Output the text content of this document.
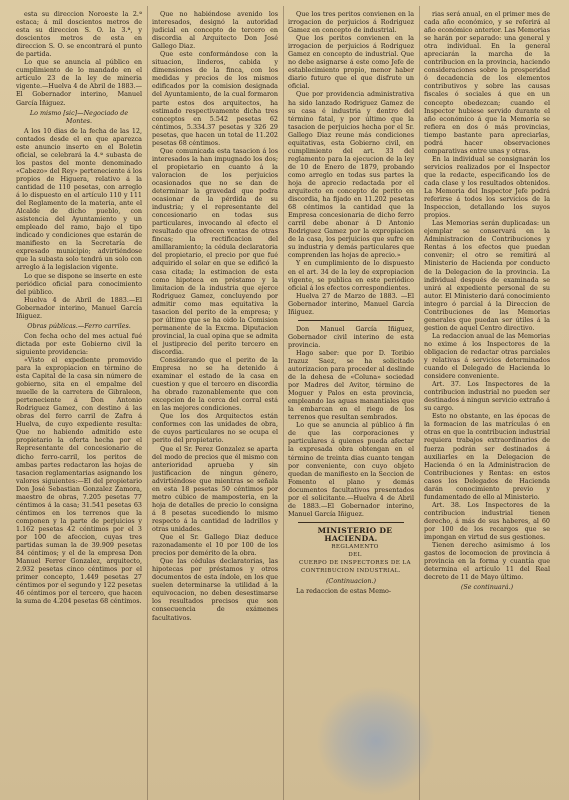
esta su direccion Noroeste la 2.ª estaca; á mil doscientos metros de esta su direccion S. O. la 3.ª, y doscientos metros de esta en direccion S. O. se encontrará el punto de partida.

Lo que se anuncia al público en cumplimiento de lo mandado en el artículo 23 de la ley de mineria vigente.—Huelva 4 de Abril de 1883.—El Gobernador interino, Manuel García Iñiguez.

Lo mismo [sic]—Negociado de Montes.

A los 10 dias de la fecha de las 12, contados desde el en que aparezca este anuncio inserto en el Boletin oficial, se celebrará la 4.ª subasta de los pastos del monte denominado «Cabezo» del Rey» perteneciente á los propios de Higuera, relativo á la cantidad de 110 pesetas, con arreglo á lo dispuesto en el artículo 110 y 111 del Reglamento de la materia, ante el Alcalde de dicho pueblo, con asistencia del Ayuntamiento y un empleado del ramo, bajo el tipo indicado y condiciones que estarán de manifiesto en la Secretaría de expresado municipio; advirtiéndose que la subasta solo tendrá un solo con arreglo á la legislacion vigente.

Lo que se dispone se inserte en este periódico oficial para conocimiento del público.

Huelva 4 de Abril de 1883.—El Gobernador interino, Manuel García Iñiguez.

Obras públicas.—Ferro carriles.

Con fecha ocho del mes actual fué dictada por este Gobierno civil la siguiente providencia:

«Visto el expediente promovido para la expropiacion en término de esta Capital de la casa sin número de gobierno, sita en el empalme del muelle de la carretera de Gibraleon, perteneciente á Don Antonio Rodriguez Gamez, con destino á las obras del ferro carril de Zafra á Huelva, de cuyo expediente resulta: Que no habiendo admitido este propietario la oferta hecha por el Representante del concesionario de dicho ferro-carril, los peritos de ambas partes redactaron las hojas de tasacion reglamentarias asignando los valores siguientes:—El del propietario Don José Sebastian Gonzalez Zamora, maestro de obras, 7.205 pesetas 77 céntimos á la casa; 31.541 pesetas 63 céntimos en los terrenos que la componen y la parte de perjuicios y 1.162 pesetas 42 céntimos por el 3 por 100 de afeccion, cuyas tres partidas suman la de 39.909 pesetas 84 céntimos; y el de la empresa Don Manuel Ferrer Gonzalez, arquitecto, 2.932 pesetas cinco céntimos por el primer concepto, 1.449 pesetas 27 céntimos por el segundo y 122 pesetas 46 céntimos por el tercero, que hacen la suma de 4.204 pesetas 68 céntimos.

Que no habiéndose avenido los interesados, designó la autoridad judicial en concepto de tercero en discordia al Arquitecto Don José Gallego Diaz.

Que este conformándose con la situacion, linderos, cabida y dimensiones de la finca, con los medidas y precios de los mismos edificados por la comision designada del Ayuntamiento, de la cual formaron parte estos dos arquitectos, ha estimado respectivamente dicha tres conceptos en 5.542 pesetas 62 céntimos, 5.334.37 pesetas y 326 29 pesetas, que hacen un total de 11.202 pesetas 68 céntimos.

Que comunicada esta tasacion á los interesados la han impugnado los dos; el propietario en cuanto á la valoracion de los perjuicios ocasionados que no se dan de determinar la gravedad que podra ocasionar de la pérdida de su industria; y el representante del concesionario en todas sus particulares, invocando al efecto el resultado que ofrecen ventas de otras fincas; la rectificacion del amillaramiento; la cédula declaratoria del propietario, el precio por que fué adquirido el solar en que se edificó la casa citada; la estimacion de esta como hipoteca en préstamo y la limitacion de la industria que ejerce Rodriguez Gamez, concluyendo por admitir como mas equitativa la tasacion del perito de la empresa; y por último que se ha oido la Comision permanente de la Excma. Diputacion provincial, la cual opina que se admita el justiprecio del perito tercero en discordia.

Considerando que el perito de la Empresa no se ha detenido á examinar el estado de la casa en cuestion y que el tercero en discordia ha obrado razonablemente que con excepcion de la cerca del corral está en las mejores condiciones.

Que los dos Arquitectos están conformes con las unidades de obra, de cuyos particulares no se ocupa el perito del propietario.

Que el Sr. Perez Gonzalez se aparta del modo de precios que él mismo con anterioridad aprueba y sin justificacion de ningun género, advirtiéndose que mientras se señala en esta 18 pesetas 50 céntimos por metro cúbico de mamposteria, en la hoja de detalles de precio lo consigna á 8 pesetas sucediendo lo mismo respecto á la cantidad de ladrillos y otras unidades.

Que el Sr. Gallego Diaz deduce razonadamente el 10 por 100 de los precios por demérito de la obra.

Que las cédulas declaratorias, las hipotecas por préstamos y otros documentos de esta índole, en los que suelen determinarse la utilidad á la equivocacion, no deben desestimarse los resultados precisos que son consecuencia de exámenes facultativos.

Que los tres peritos convienen en la irrogacion de perjuicios á Rodriguez Gamez en concepto de industrial.

Que los peritos convienen en la irrogacion de perjuicios á Rodriguez Gamez en concepto de industrial. Que no debe asignarse á este como Jefe de establecimiento propio, menor haber diario futuro que el que disfrute un oficial.

Que por providencia administrativa ha sido lanzado Rodriguez Gamez de su casa é industria y dentro del término fatal, y por último que la tasacion de perjuicios hecha por el Sr. Gallego Diaz reune más condiciones equitativas, esta Gobierno civil, en cumplimiento del art. 33 del reglamento para la ejecucion de la ley de 10 de Enero de 1879, probando como arreglo en todas sus partes la hoja de aprecio redactada por el arquitecto en concepto de perito en discordia, ha fijado en 11.202 pesetas 68 céntimos la cantidad que la Empresa concesionaria de dicho ferro carril debe abonar á D Antonio Rodriguez Gamez por la expropiacion de la casa, los perjuicios que sufre en su industria y demás particulares que comprenden las hojas de aprecio.»

Y en cumplimiento de lo dispuesto en el art. 34 de la ley de expropiacion vigente, se publica en este periódico oficial á los efectos correspondientes.

Huelva 27 de Marzo de 1883. —El Gobernador interino, Manuel García Iñiguez.

Don Manuel García Iñiguez, Gobernador civil interino de esta provincia.

Hago saber: que por D. Toribio Irazuz Saez, se ha solicitado autorizacion para proceder al deslinde de la dehesa de «Coluna» sociedad por Madres del Avitor, término de Moguer y Palos en esta provincia, empleando las aguas manantiales que la embarcan en el riego de los terrenos que resultan sembrados.

Lo que se anuncia al público á fin de que las corporaciones y particulares á quienes pueda afectar la expresada obra obtengan en el término de treinta dias cuanto tengan por conveniente, con cuyo objeto quedan de manifiesto en la Seccion de Fomento el plano y demás documentos facultativos presentados por el solicitante.—Huelva 4 de Abril de 1883.—El Gobernador interino, Manuel García Iñiguez.

MINISTERIO DE HACIENDA.

REGLAMENTO

DEL

CUERPO DE INSPECTORES DE LA CONTRIBUCION INDUSTRIAL.

(Continuacion.)

La redaccion de estas Memo-

rias será anual, en el primer mes de cada año económico, y se referirá al año económico anterior. Las Memorias se harán por separado: una general y otra individual. En la general apreciarán la marcha de la contribucion en la provincia, haciendo consideraciones sobre la prosperidad ó decadencia de los elementos contributivos y sobre las causas fiscales ó sociales á que en un concepto obedezcan; cuando el Inspector hubiese servido durante el año económico á que la Memoria se refiera en dos ó más provincias, tiempo bastante para apreciarlas, podrá hacer observaciones comparativas entre unas y otras.

En la individual se consignarán los servicios realizados por el Inspector que la redacte, especificando los de cada clase y los resultados obtenidos. La Memoria del Inspector Jefe podrá referirse á todos los servicios de la Inspeccion, detallando los suyos propios.

Las Memorias serán duplicadas: un ejemplar se conservará en la Administracion de Contribuciones y Rentas á los efectos que puedan convenir; el otro se remitirá al Ministerio de Hacienda por conducto de la Delegacion de la provincia. La individual después de examinada se unirá al expediente personal de su autor. El Ministerio dará conocimiento integro ó parcial á la Direccion de Contribuciones de las Memorias generales que puedan ser útiles á la gestion de aquel Centro directivo.

La redaccion anual de las Memorias no exime á los Inspectores de la obligacion de redactar otras parciales y relativas á servicios determinados cuando el Delegado de Hacienda lo considere conveniente.

Art. 37. Los Inspectores de la contribucion industrial no pueden ser destinados á ningun servicio extraño á su cargo.

Esto no obstante, en las épocas de la formacion de las matrículas ó en otras en que la contribucion industrial requiera trabajos extraordinarios de fuerza podrán ser destinados á auxiliarles en la Delegacion de Hacienda ó en la Administracion de Contribuciones y Rentas: en estos casos los Delegados de Hacienda darán conocimiento previo y fundamentado de ello al Ministerio.

Art. 38. Los Inspectores de la contribucion industrial tienen derecho, á más de sus haberes, al 60 por 100 de los recargos que se impongan en virtud de sus gestiones.

Tienen derecho asimismo á los gastos de locomocion de provincia á provincia en la forma y cuantía que determina el artículo 11 del Real decreto de 11 de Mayo último.

(Se continuará.)
